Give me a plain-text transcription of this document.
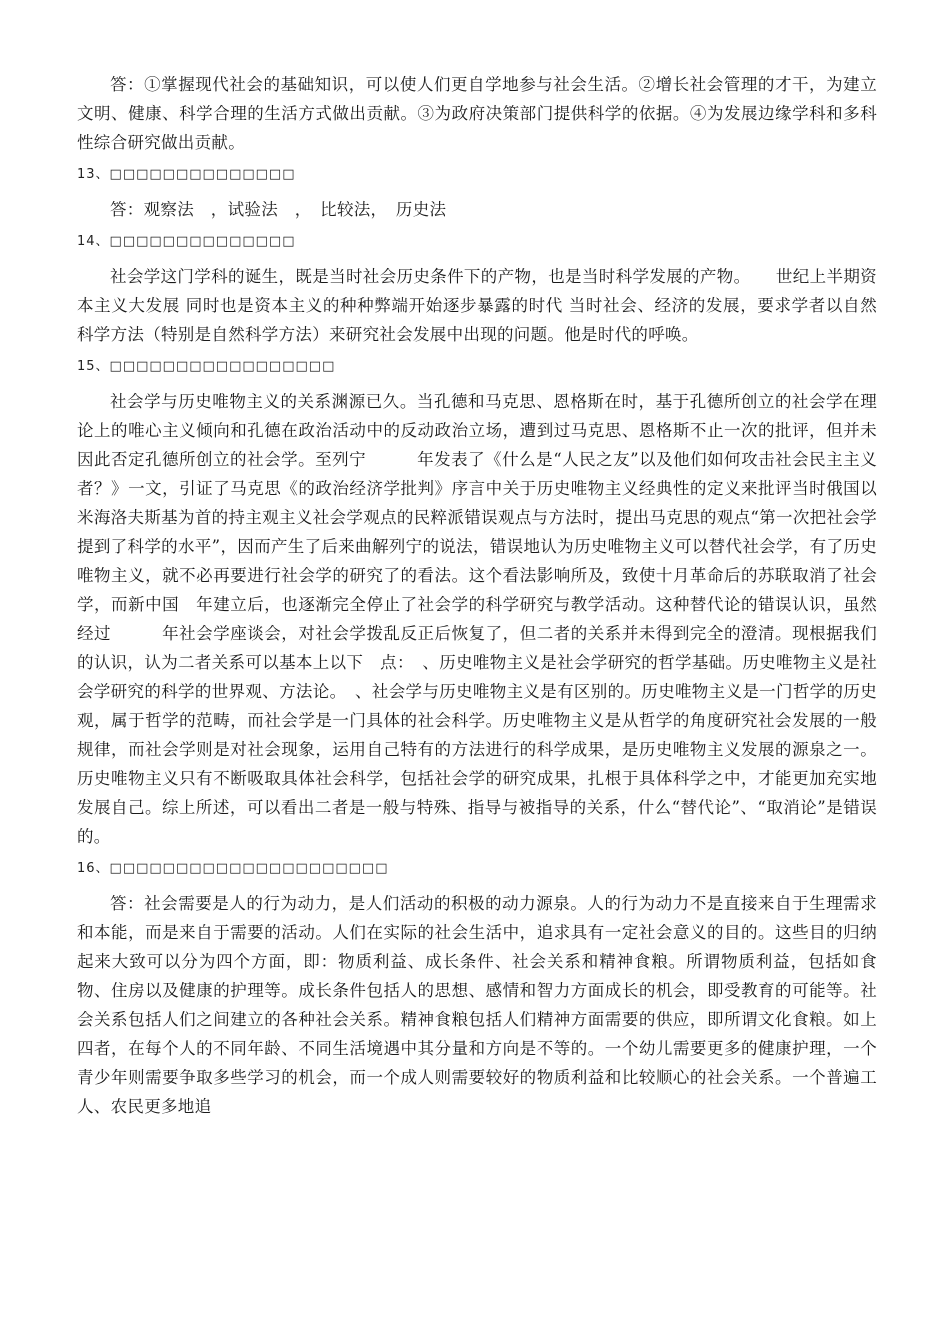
答：①掌握现代社会的基础知识，可以使人们更自学地参与社会生活。②增长社会管理的才干，为建立文明、健康、科学合理的生活方式做出贡献。③为政府决策部门提供科学的依据。④为发展边缘学科和多科性综合研究做出贡献。

13、□□□□□□□□□□□□□□

答：观察法　，试验法　，　比较法，　历史法

14、□□□□□□□□□□□□□□

社会学这门学科的诞生，既是当时社会历史条件下的产物，也是当时科学发展的产物。　　世纪上半期资本主义大发展 同时也是资本主义的种种弊端开始逐步暴露的时代 当时社会、经济的发展，要求学者以自然科学方法（特别是自然科学方法）来研究社会发展中出现的问题。他是时代的呼唤。

15、□□□□□□□□□□□□□□□□□

社会学与历史唯物主义的关系渊源已久。当孔德和马克思、恩格斯在时，基于孔德所创立的社会学在理论上的唯心主义倾向和孔德在政治活动中的反动政治立场，遭到过马克思、恩格斯不止一次的批评，但并未因此否定孔德所创立的社会学。至列宁　　　年发表了《什么是“人民之友”以及他们如何攻击社会民主主义者？》一文，引证了马克思《的政治经济学批判》序言中关于历史唯物主义经典性的定义来批评当时俄国以米海洛夫斯基为首的持主观主义社会学观点的民粹派错误观点与方法时，提出马克思的观点“第一次把社会学提到了科学的水平”，因而产生了后来曲解列宁的说法，错误地认为历史唯物主义可以替代社会学，有了历史唯物主义，就不必再要进行社会学的研究了的看法。这个看法影响所及，致使十月革命后的苏联取消了社会学，而新中国　年建立后，也逐渐完全停止了社会学的科学研究与教学活动。这种替代论的错误认识，虽然经过　　　年社会学座谈会，对社会学拨乱反正后恢复了，但二者的关系并未得到完全的澄清。现根据我们的认识，认为二者关系可以基本上以下　点：　、历史唯物主义是社会学研究的哲学基础。历史唯物主义是社会学研究的科学的世界观、方法论。　、社会学与历史唯物主义是有区别的。历史唯物主义是一门哲学的历史观，属于哲学的范畴，而社会学是一门具体的社会科学。历史唯物主义是从哲学的角度研究社会发展的一般规律，而社会学则是对社会现象，运用自己特有的方法进行的科学成果，是历史唯物主义发展的源泉之一。历史唯物主义只有不断吸取具体社会科学，包括社会学的研究成果，扎根于具体科学之中，才能更加充实地发展自己。综上所述，可以看出二者是一般与特殊、指导与被指导的关系，什么“替代论”、“取消论”是错误的。

16、□□□□□□□□□□□□□□□□□□□□□

答：社会需要是人的行为动力，是人们活动的积极的动力源泉。人的行为动力不是直接来自于生理需求和本能，而是来自于需要的活动。人们在实际的社会生活中，追求具有一定社会意义的目的。这些目的归纳起来大致可以分为四个方面，即：物质利益、成长条件、社会关系和精神食粮。所谓物质利益，包括如食物、住房以及健康的护理等。成长条件包括人的思想、感情和智力方面成长的机会，即受教育的可能等。社会关系包括人们之间建立的各种社会关系。精神食粮包括人们精神方面需要的供应，即所谓文化食粮。如上四者，在每个人的不同年龄、不同生活境遇中其分量和方向是不等的。一个幼儿需要更多的健康护理，一个青少年则需要争取多些学习的机会，而一个成人则需要较好的物质利益和比较顺心的社会关系。一个普遍工人、农民更多地追
